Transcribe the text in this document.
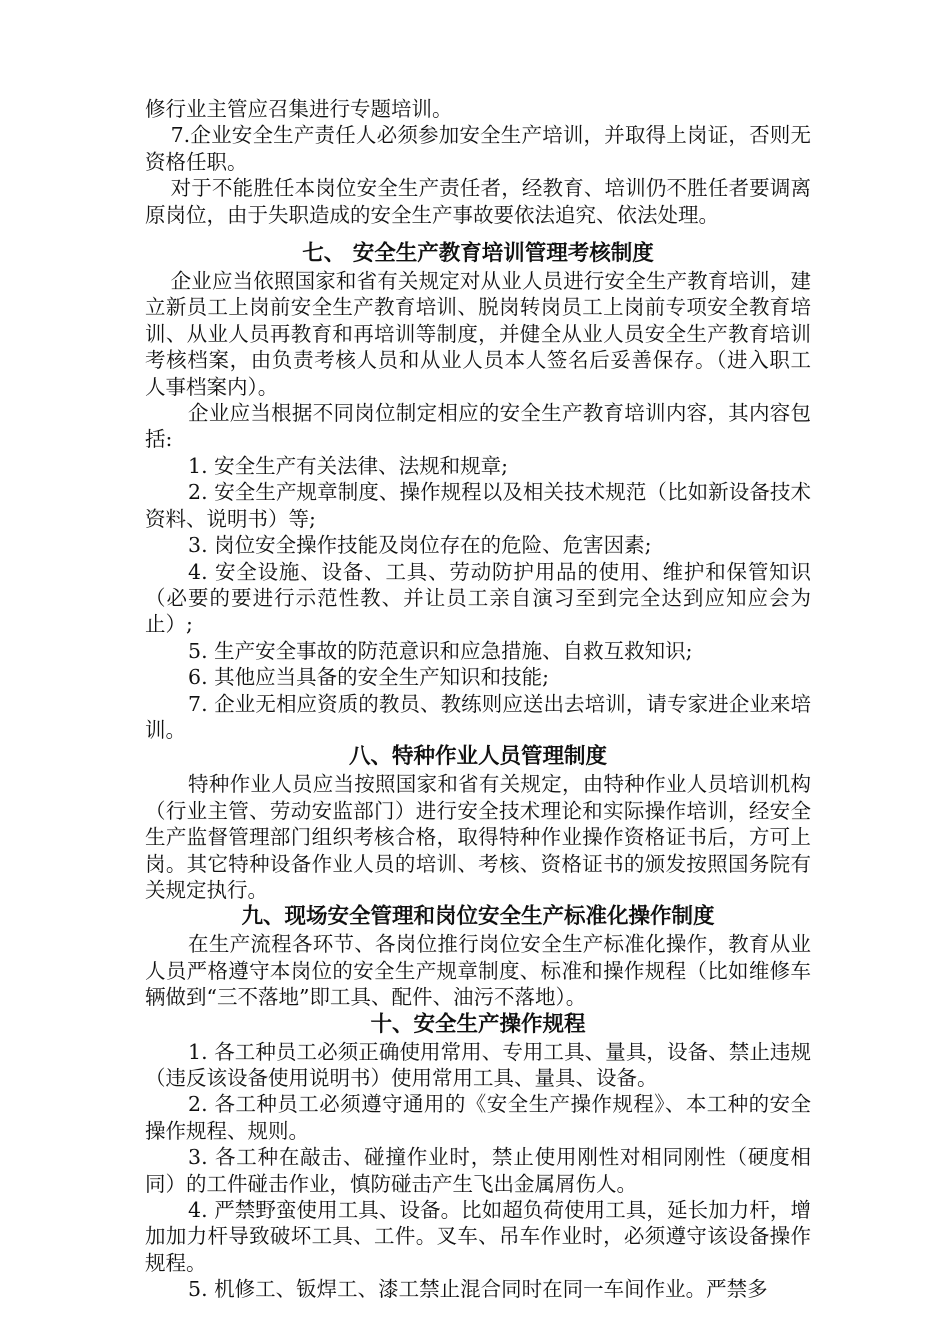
修行业主管应召集进行专题培训。

7.企业安全生产责任人必须参加安全生产培训，并取得上岗证，否则无资格任职。

对于不能胜任本岗位安全生产责任者，经教育、培训仍不胜任者要调离原岗位，由于失职造成的安全生产事故要依法追究、依法处理。

七、 安全生产教育培训管理考核制度

企业应当依照国家和省有关规定对从业人员进行安全生产教育培训，建立新员工上岗前安全生产教育培训、脱岗转岗员工上岗前专项安全教育培训、从业人员再教育和再培训等制度，并健全从业人员安全生产教育培训考核档案，由负责考核人员和从业人员本人签名后妥善保存。（进入职工人事档案内）。

企业应当根据不同岗位制定相应的安全生产教育培训内容，其内容包括:

1. 安全生产有关法律、法规和规章;

2. 安全生产规章制度、操作规程以及相关技术规范（比如新设备技术资料、说明书）等;

3. 岗位安全操作技能及岗位存在的危险、危害因素;

4. 安全设施、设备、工具、劳动防护用品的使用、维护和保管知识（必要的要进行示范性教、并让员工亲自演习至到完全达到应知应会为止）;

5. 生产安全事故的防范意识和应急措施、自救互救知识;

6. 其他应当具备的安全生产知识和技能;

7. 企业无相应资质的教员、教练则应送出去培训，请专家进企业来培训。

八、特种作业人员管理制度

特种作业人员应当按照国家和省有关规定，由特种作业人员培训机构（行业主管、劳动安监部门）进行安全技术理论和实际操作培训，经安全生产监督管理部门组织考核合格，取得特种作业操作资格证书后，方可上岗。其它特种设备作业人员的培训、考核、资格证书的颁发按照国务院有关规定执行。

九、现场安全管理和岗位安全生产标准化操作制度

在生产流程各环节、各岗位推行岗位安全生产标准化操作，教育从业人员严格遵守本岗位的安全生产规章制度、标准和操作规程（比如维修车辆做到“三不落地”即工具、配件、油污不落地）。

十、安全生产操作规程

1. 各工种员工必须正确使用常用、专用工具、量具，设备、禁止违规（违反该设备使用说明书）使用常用工具、量具、设备。

2. 各工种员工必须遵守通用的《安全生产操作规程》、本工种的安全操作规程、规则。

3. 各工种在敲击、碰撞作业时，禁止使用刚性对相同刚性（硬度相同）的工件碰击作业，慎防碰击产生飞出金属屑伤人。

4. 严禁野蛮使用工具、设备。比如超负荷使用工具，延长加力杆，增加加力杆导致破坏工具、工件。叉车、吊车作业时，必须遵守该设备操作规程。

5. 机修工、钣焊工、漆工禁止混合同时在同一车间作业。严禁多
